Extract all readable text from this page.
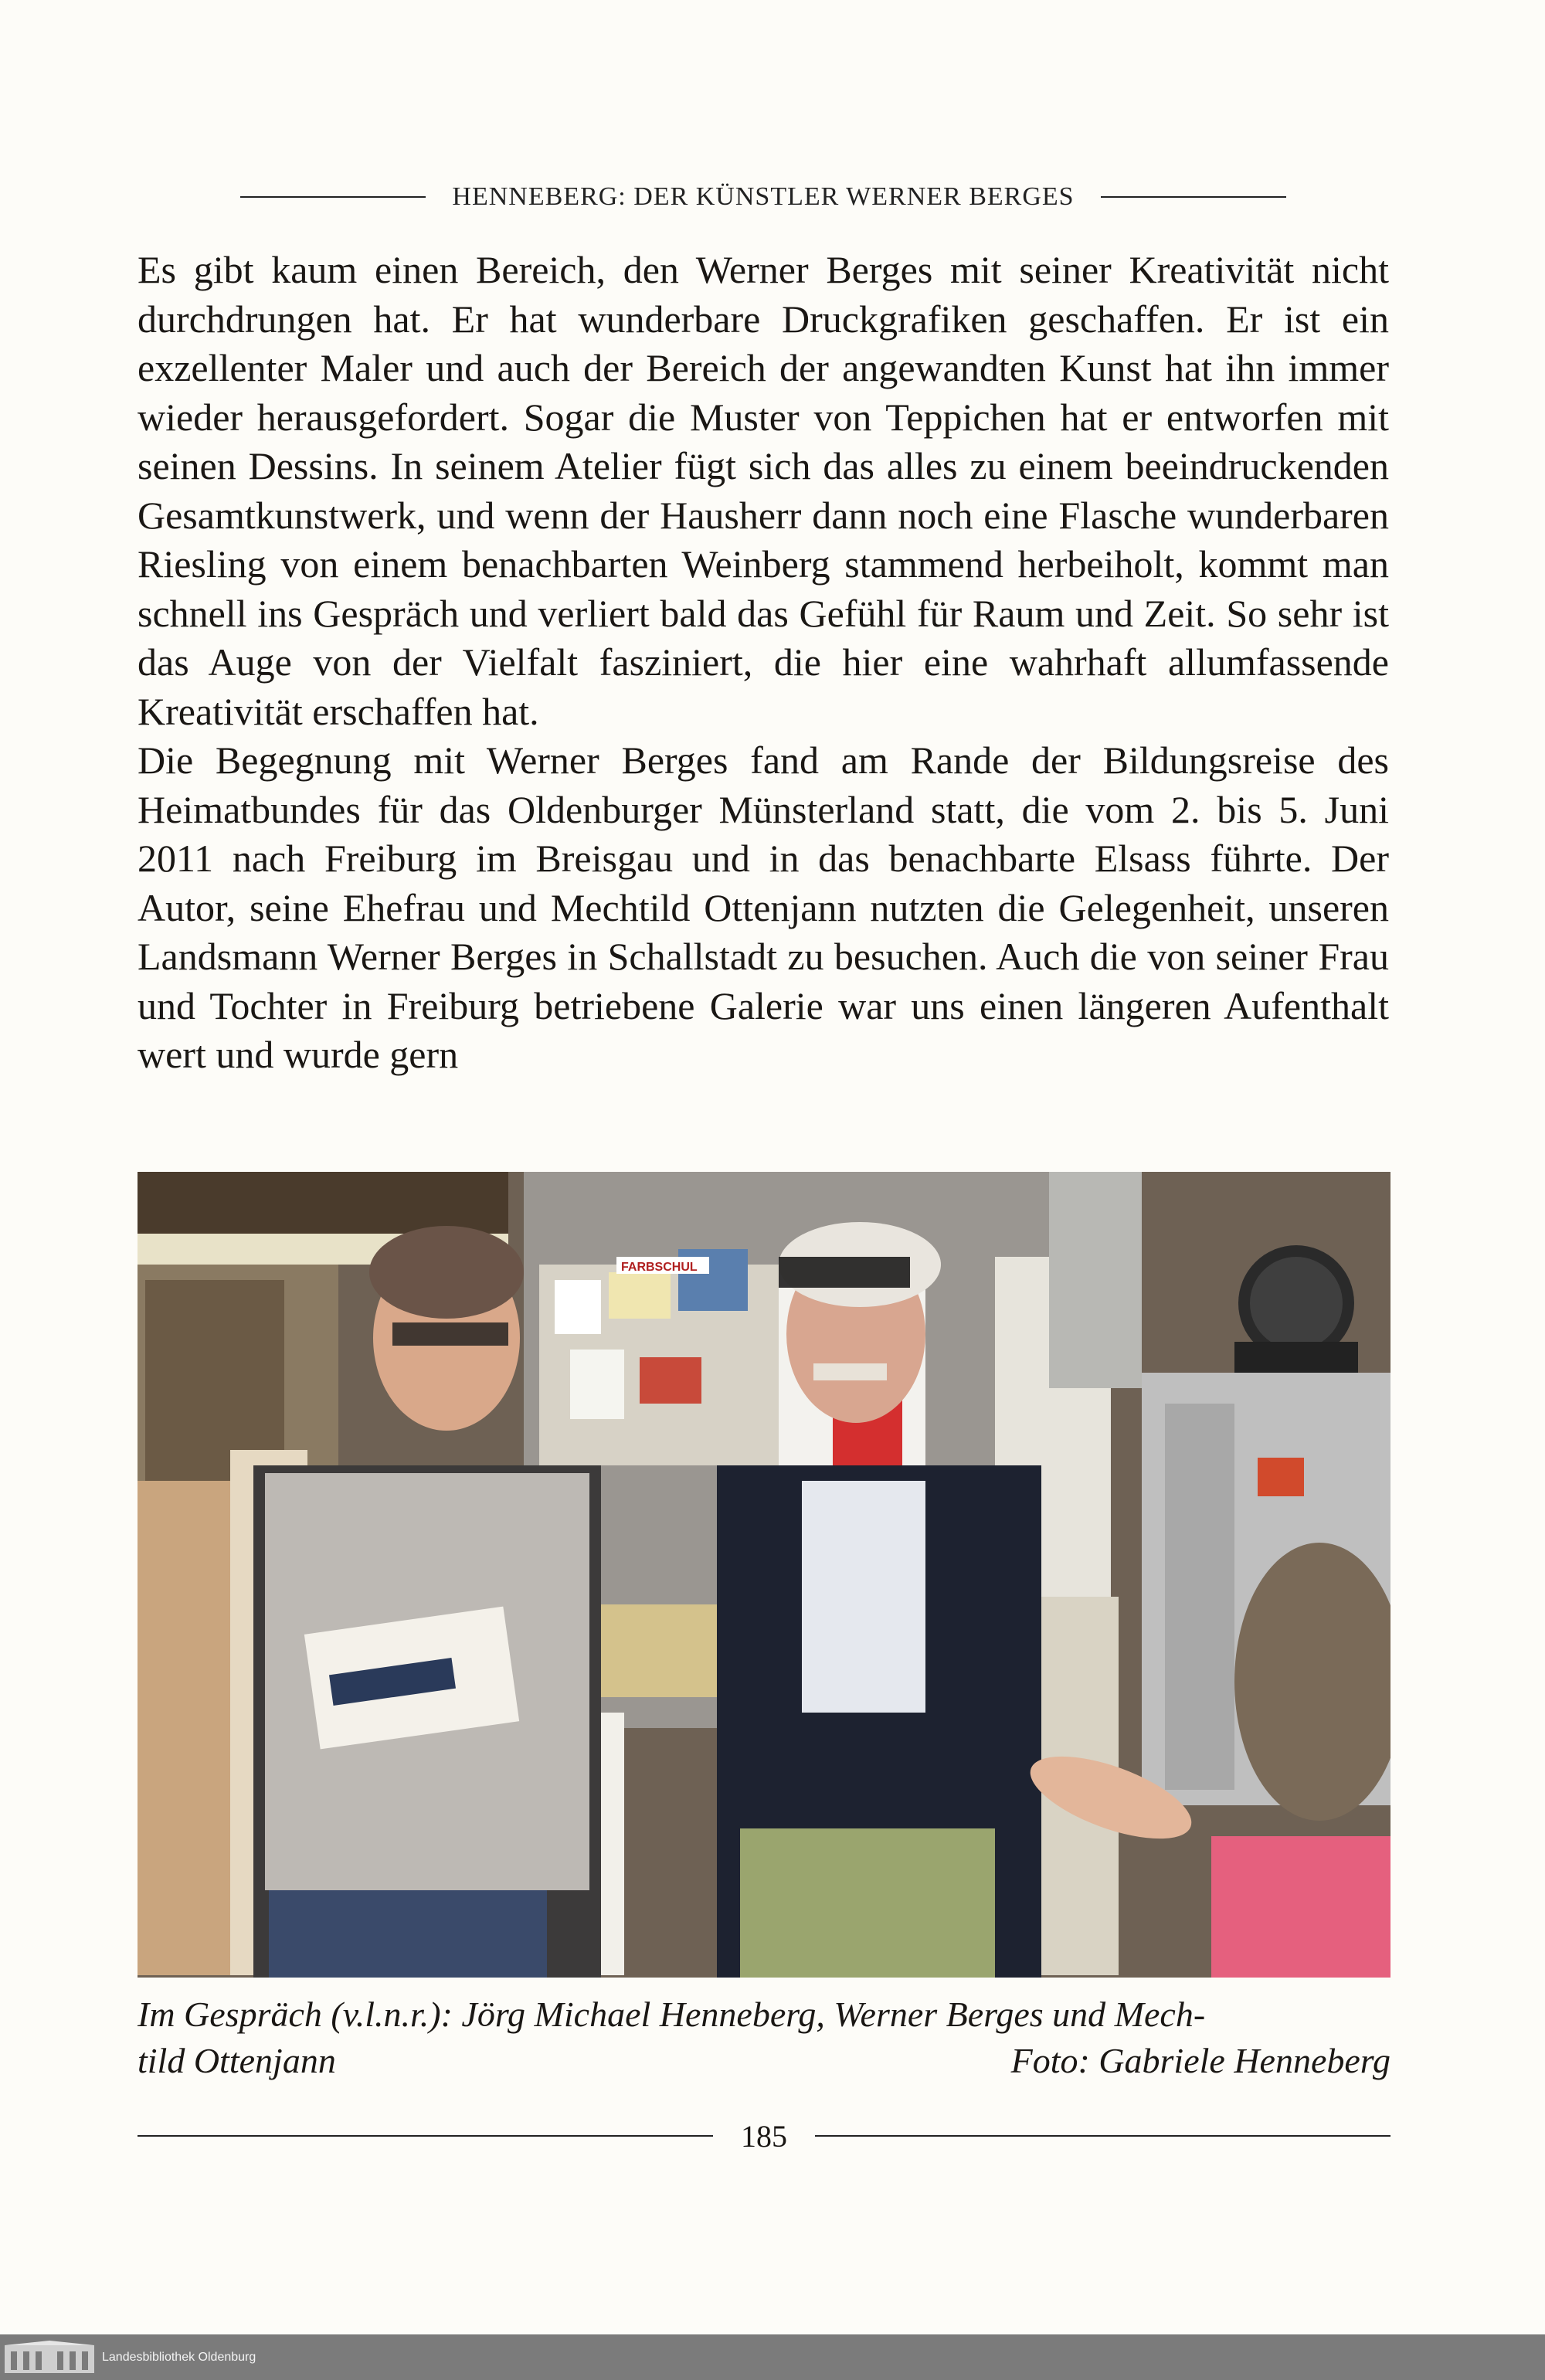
HENNEBERG: DER KÜNSTLER WERNER BERGES

Es gibt kaum einen Bereich, den Werner Berges mit seiner Kreativität nicht durchdrungen hat. Er hat wunderbare Druckgrafiken geschaffen. Er ist ein exzellenter Maler und auch der Bereich der angewandten Kunst hat ihn immer wieder herausgefordert. Sogar die Muster von Teppichen hat er entworfen mit seinen Dessins. In seinem Atelier fügt sich das alles zu einem beeindruckenden Gesamtkunstwerk, und wenn der Hausherr dann noch eine Flasche wunderbaren Riesling von einem benachbarten Weinberg stammend herbeiholt, kommt man schnell ins Gespräch und verliert bald das Gefühl für Raum und Zeit. So sehr ist das Auge von der Vielfalt fasziniert, die hier eine wahrhaft allumfassende Kreativität erschaffen hat.

Die Begegnung mit Werner Berges fand am Rande der Bildungsreise des Heimatbundes für das Oldenburger Münsterland statt, die vom 2. bis 5. Juni 2011 nach Freiburg im Breisgau und in das benachbarte Elsass führte. Der Autor, seine Ehefrau und Mechtild Ottenjann nutzten die Gelegenheit, unseren Landsmann Werner Berges in Schallstadt zu besuchen. Auch die von seiner Frau und Tochter in Freiburg betriebene Galerie war uns einen längeren Aufenthalt wert und wurde gern

FARBSCHUL
Im Gespräch (v.l.n.r.): Jörg Michael Henneberg, Werner Berges und Mech-
tild Ottenjann	Foto: Gabriele Henneberg
185
Landesbibliothek Oldenburg
